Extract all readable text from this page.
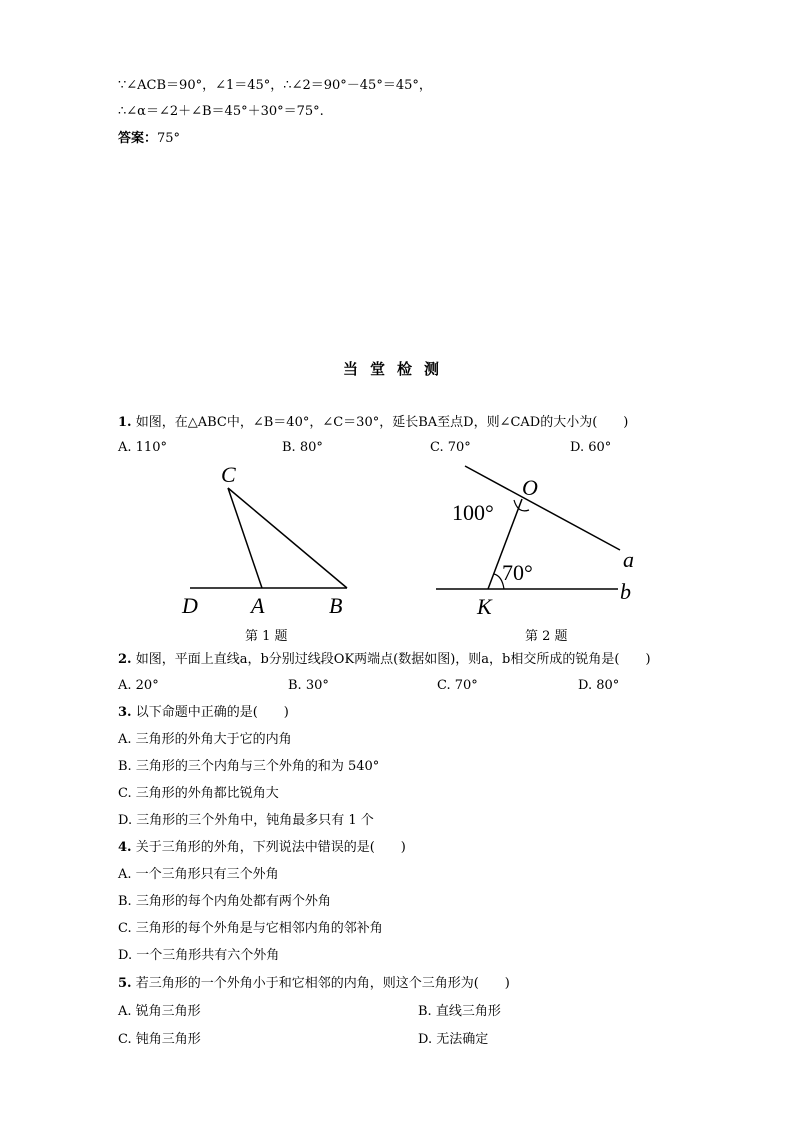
∵∠ACB＝90°，∠1＝45°，∴∠2＝90°－45°＝45°，
∴∠α＝∠2＋∠B＝45°＋30°＝75°.
答案：75°
当堂检测
1. 如图，在△ABC中，∠B＝40°，∠C＝30°，延长BA至点D，则∠CAD的大小为(　　)
A. 110°	B. 80°	C. 70°	D. 60°
C
D A	B
第 1 题
O
100°
70°
a
b
K
第 2 题
2. 如图，平面上直线a，b分别过线段OK两端点(数据如图)，则a，b相交所成的锐角是(　　)
A. 20°	B. 30°	C. 70°	D. 80°
3. 以下命题中正确的是(　　)
A. 三角形的外角大于它的内角
B. 三角形的三个内角与三个外角的和为 540°
C. 三角形的外角都比锐角大
D. 三角形的三个外角中，钝角最多只有 1 个
4. 关于三角形的外角，下列说法中错误的是(　　)
A. 一个三角形只有三个外角
B. 三角形的每个内角处都有两个外角
C. 三角形的每个外角是与它相邻内角的邻补角
D. 一个三角形共有六个外角
5. 若三角形的一个外角小于和它相邻的内角，则这个三角形为(　　)
A. 锐角三角形	B. 直线三角形
C. 钝角三角形	D. 无法确定
